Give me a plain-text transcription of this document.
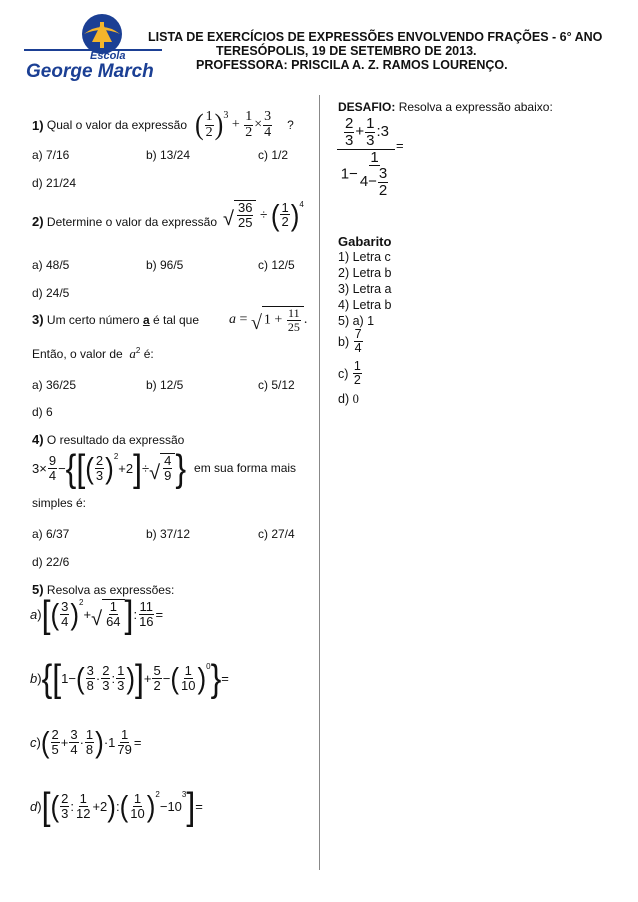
Escola
George March
LISTA DE EXERCÍCIOS DE EXPRESSÕES ENVOLVENDO FRAÇÕES - 6° ANO
TERESÓPOLIS, 19 DE SETEMBRO DE 2013.
PROFESSORA: PRISCILA A. Z. RAMOS LOURENÇO.
1)
Qual o valor da expressão ( $\frac{1}{2} )^3$
+ $\frac{1}{2} \times \frac{3}{4}$ ?
a) 7/16	b) 13/24	c) 1/2
d) 21/24
2) Determine o valor da expressão √ $\frac{36}{25}$ ÷ ( $\frac{1}{2} )^4$
a) 48/5	b) 96/5	c) 12/5
d) 24/5
3)
Um certo número
a
é tal que a = √ $1 + \frac{11}{25}$ .
Então, o valor de $a^2$ é:
a) 36/25	b) 12/5	c) 5/12
d) 6
4) O resultado da expressão
$3\times \frac{9}{4}$ − { [ ( $\frac{2}{3} )^2$
+2 ] ÷ √ $\frac{4}{9}$ } em sua forma mais
simples é:
a) 6/37	b) 37/12	c) 27/4
d) 22/6
5) Resolva as expressões:
a ) [ ( $\frac{3}{4} )^2$
+ √ $\frac{1}{64}$ ] : $\frac{11}{16}$ =
b ) { [ 1− ( $\frac{3}{8} \cdot \frac{2}{3}$ : $\frac{1}{3}$ ) ] + $\frac{5}{2}$ − ( $\frac{1}{10} )^0$ } =
c ) ( $\frac{2}{5} + \frac{3}{4} \cdot \frac{1}{8}$ ) $\cdot 1 \frac{1}{79}$ =
d ) [ ( $\frac{2}{3}$ : $\frac{1}{12} +2$ ) : ( $\frac{1}{10} )^2$
−10
3 ] =
DESAFIO: Resolva a expressão abaixo:
$\frac{\frac{2}{3} + \frac{1}{3} :3}{1- \frac{1}{4- \frac{3}{2}}}$ =
Gabarito
1) Letra c
2) Letra b
3) Letra a
4) Letra b
5) a) 1
b)
$\frac{7}{4}$
c)
$\frac{1}{2}$
d) 0
